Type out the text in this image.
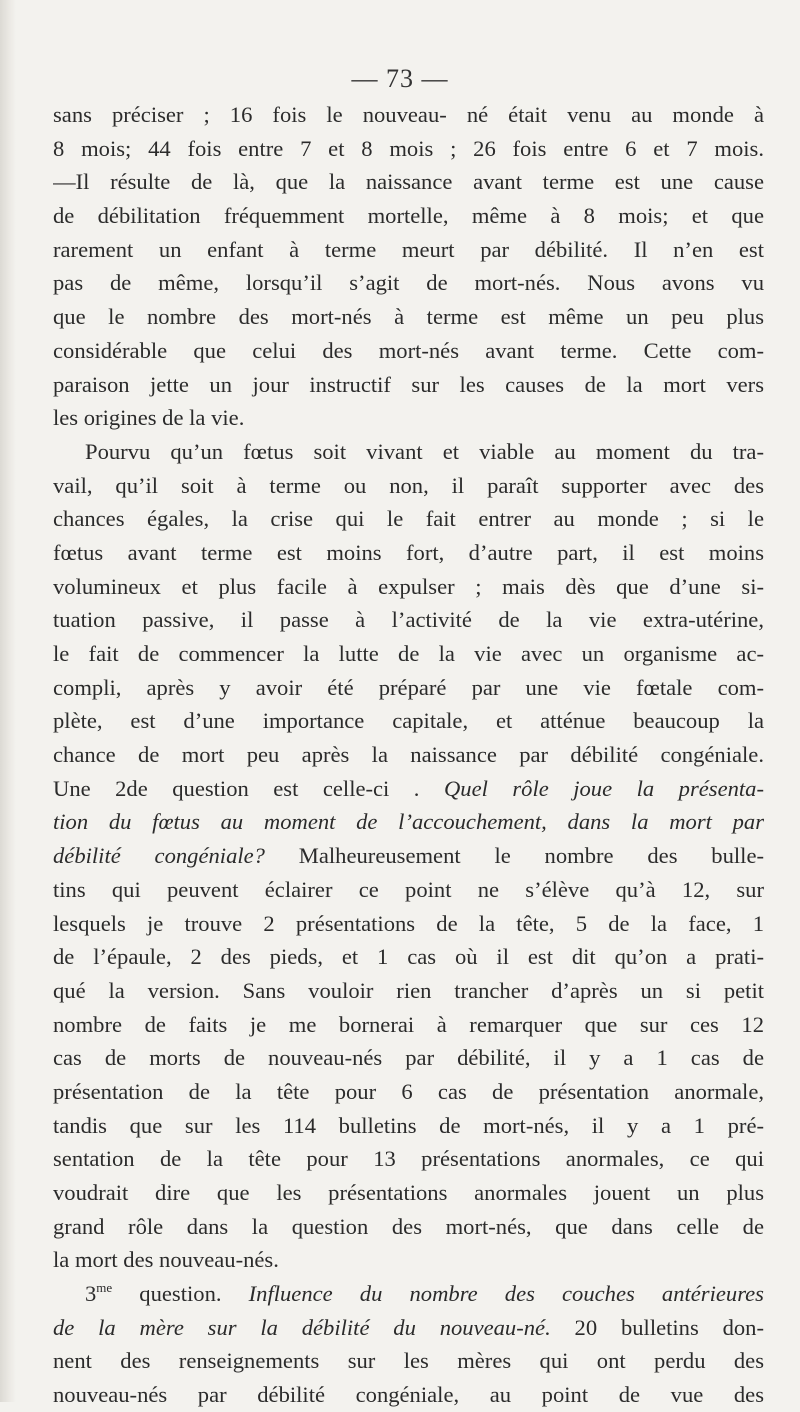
— 73 —
sans préciser ; 16 fois le nouveau- né était venu au monde à
8 mois; 44 fois entre 7 et 8 mois ; 26 fois entre 6 et 7 mois.
—Il résulte de là, que la naissance avant terme est une cause
de débilitation fréquemment mortelle, même à 8 mois; et que
rarement un enfant à terme meurt par débilité. Il n’en est
pas de même, lorsqu’il s’agit de mort-nés. Nous avons vu
que le nombre des mort-nés à terme est même un peu plus
considérable que celui des mort-nés avant terme. Cette com-
paraison jette un jour instructif sur les causes de la mort vers
les origines de la vie.
Pourvu qu’un fœtus soit vivant et viable au moment du tra-
vail, qu’il soit à terme ou non, il paraît supporter avec des
chances égales, la crise qui le fait entrer au monde ; si le
fœtus avant terme est moins fort, d’autre part, il est moins
volumineux et plus facile à expulser ; mais dès que d’une si-
tuation passive, il passe à l’activité de la vie extra-utérine,
le fait de commencer la lutte de la vie avec un organisme ac-
compli, après y avoir été préparé par une vie fœtale com-
plète, est d’une importance capitale, et atténue beaucoup la
chance de mort peu après la naissance par débilité congéniale.
Une 2de question est celle-ci . Quel rôle joue la présenta-
tion du fœtus au moment de l’accouchement, dans la mort par
débilité congéniale? Malheureusement le nombre des bulle-
tins qui peuvent éclairer ce point ne s’élève qu’à 12, sur
lesquels je trouve 2 présentations de la tête, 5 de la face, 1
de l’épaule, 2 des pieds, et 1 cas où il est dit qu’on a prati-
qué la version. Sans vouloir rien trancher d’après un si petit
nombre de faits je me bornerai à remarquer que sur ces 12
cas de morts de nouveau-nés par débilité, il y a 1 cas de
présentation de la tête pour 6 cas de présentation anormale,
tandis que sur les 114 bulletins de mort-nés, il y a 1 pré-
sentation de la tête pour 13 présentations anormales, ce qui
voudrait dire que les présentations anormales jouent un plus
grand rôle dans la question des mort-nés, que dans celle de
la mort des nouveau-nés.
$3^{me}$ question. Influence du nombre des couches antérieures
de la mère sur la débilité du nouveau-né. 20 bulletins don-
nent des renseignements sur les mères qui ont perdu des
nouveau-nés par débilité congéniale, au point de vue des
